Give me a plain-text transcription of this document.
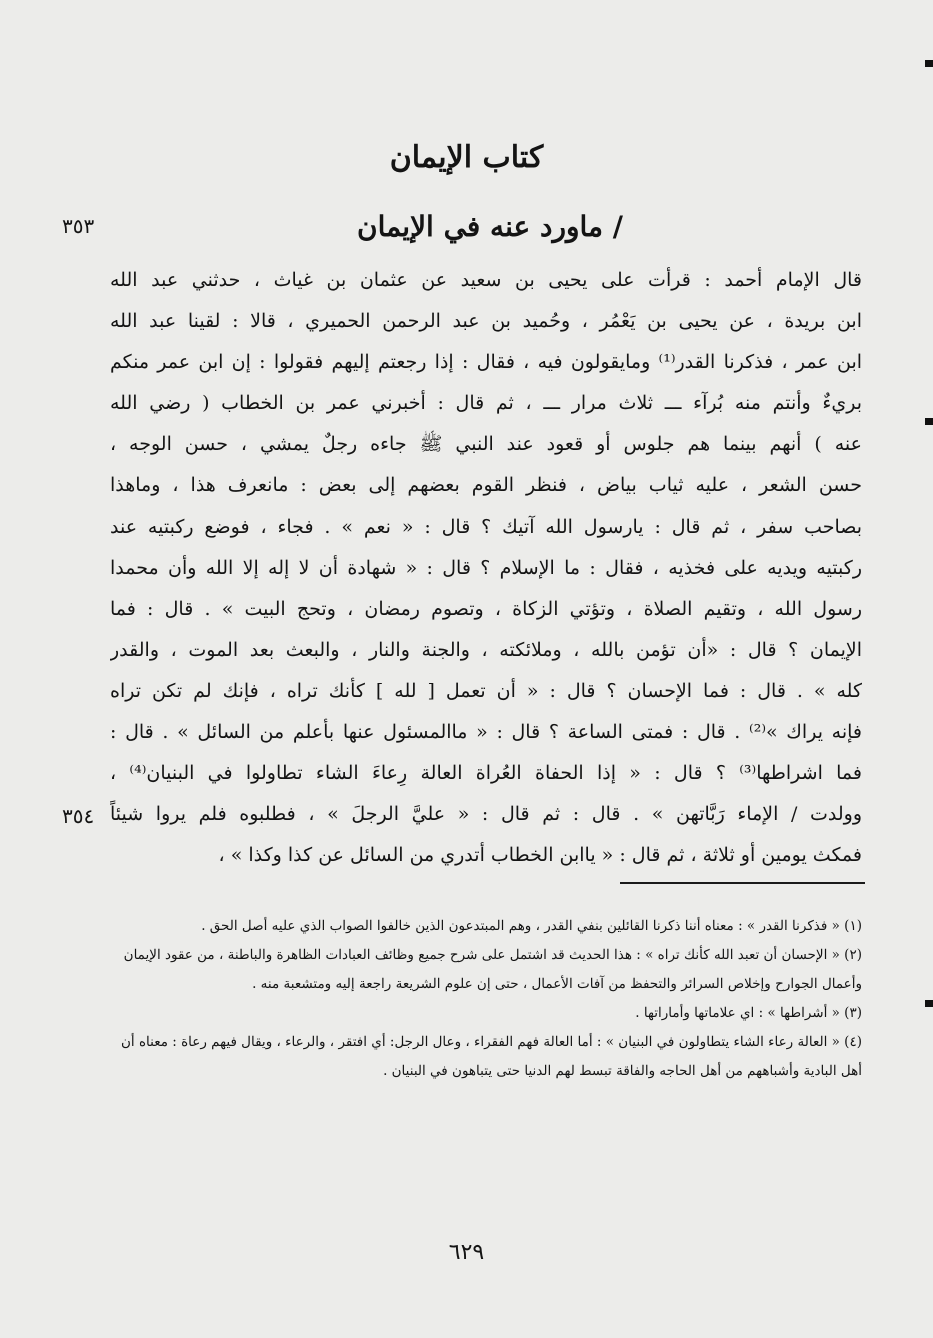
كتاب الإيمان
/ ماورد عنه في الإيمان
٣٥٣
٣٥٤
قال الإمام أحمد : قرأت على يحيى بن سعيد عن عثمان بن غياث ، حدثني عبد الله
ابن بريدة ، عن يحيى بن يَعْمُر ، وحُميد بن عبد الرحمن الحميري ، قالا : لقينا عبد الله
ابن عمر ، فذكرنا القدر⁽¹⁾ ومايقولون فيه ، فقال : إذا رجعتم إليهم فقولوا : إن ابن عمر منكم
بريءٌ وأنتم منه بُرآء ـــ ثلاث مرار ـــ ، ثم قال : أخبرني عمر بن الخطاب ( رضي الله
عنه ) أنهم بينما هم جلوس أو قعود عند النبي ﷺ جاءه رجلٌ يمشي ، حسن الوجه ،
حسن الشعر ، عليه ثياب بياض ، فنظر القوم بعضهم إلى بعض : مانعرف هذا ، وماهذا
بصاحب سفر ، ثم قال : يارسول الله آتيك ؟ قال : « نعم » . فجاء ، فوضع ركبتيه عند
ركبتيه ويديه على فخذيه ، فقال : ما الإسلام ؟ قال : « شهادة أن لا إله إلا الله وأن محمدا
رسول الله ، وتقيم الصلاة ، وتؤتي الزكاة ، وتصوم رمضان ، وتحج البيت » . قال : فما
الإيمان ؟ قال : «أن تؤمن بالله ، وملائكته ، والجنة والنار ، والبعث بعد الموت ، والقدر
كله » . قال : فما الإحسان ؟ قال : « أن تعمل [ لله ] كأنك تراه ، فإنك لم تكن تراه
فإنه يراك »⁽²⁾ . قال : فمتى الساعة ؟ قال : « ماالمسئول عنها بأعلم من السائل » . قال :
فما اشراطها⁽³⁾ ؟ قال : « إذا الحفاة العُراة العالة رِعاءَ الشاء تطاولوا في البنيان⁽⁴⁾ ،
وولدت / الإماء رَبَّاتهن » . قال : ثم قال : « عليَّ الرجلَ » ، فطلبوه فلم يروا شيئاً
فمكث يومين أو ثلاثة ، ثم قال : « ياابن الخطاب أتدري من السائل عن كذا وكذا » ،
(١) « فذكرنا القدر » : معناه أننا ذكرنا القائلين بنفي القدر ، وهم المبتدعون الذين خالفوا الصواب الذي عليه أصل الحق .
(٢) « الإحسان أن تعبد الله كأنك تراه » : هذا الحديث قد اشتمل على شرح جميع وظائف العبادات الظاهرة والباطنة ، من عقود الإيمان وأعمال الجوارح وإخلاص السرائر والتحفظ من آفات الأعمال ، حتى إن علوم الشريعة راجعة إليه ومتشعبة منه .
(٣) « أشراطها » : اي علاماتها وأماراتها .
(٤) « العالة رعاء الشاء يتطاولون في البنيان » : أما العالة فهم الفقراء ، وعال الرجل: أي افتقر ، والرعاء ، ويقال فيهم رعاة : معناه أن أهل البادية وأشباههم من أهل الحاجه والفاقة تبسط لهم الدنيا حتى يتباهون في البنيان .
٦٢٩
